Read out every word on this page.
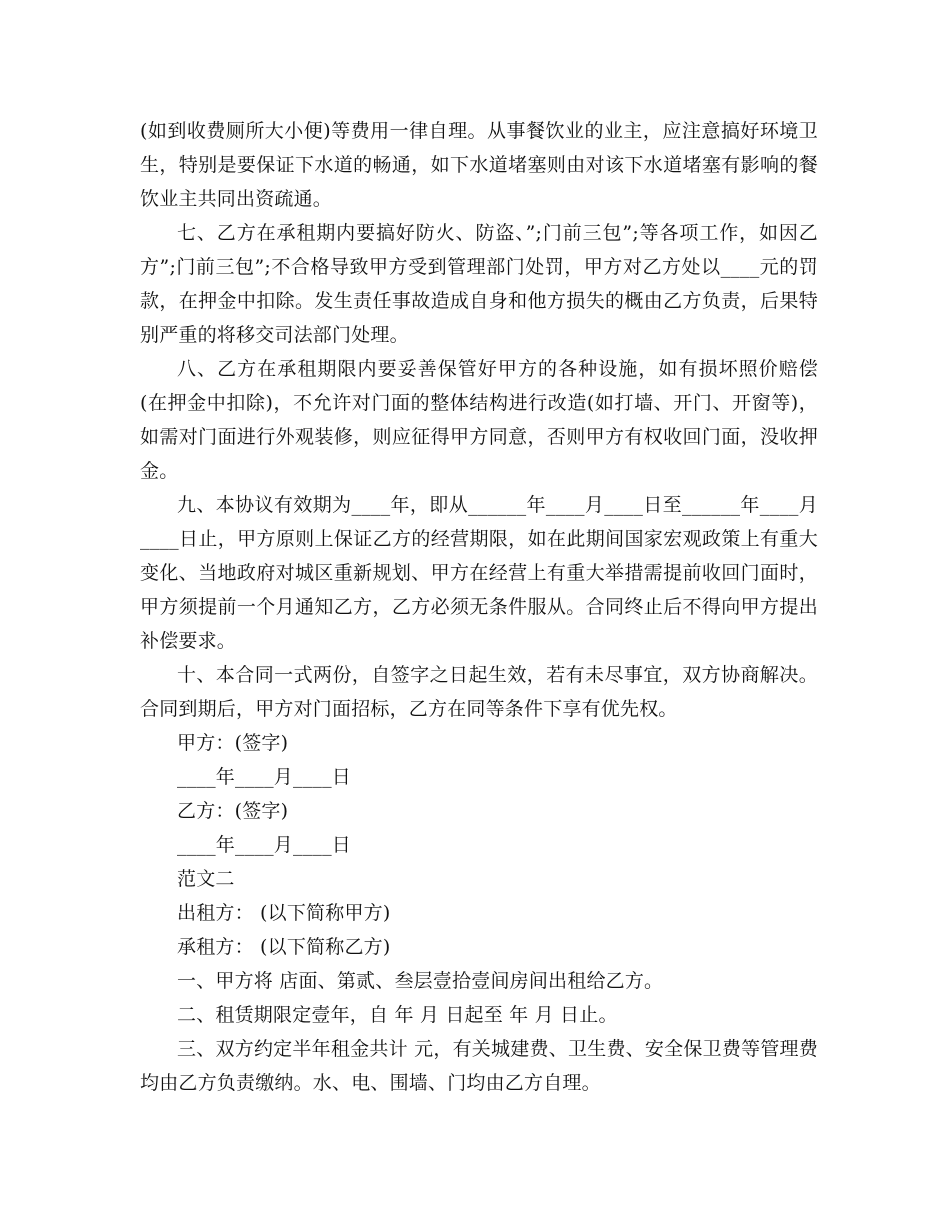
(如到收费厕所大小便)等费用一律自理。从事餐饮业的业主，应注意搞好环境卫生，特别是要保证下水道的畅通，如下水道堵塞则由对该下水道堵塞有影响的餐饮业主共同出资疏通。

七、乙方在承租期内要搞好防火、防盗、”;门前三包”;等各项工作，如因乙方”;门前三包”;不合格导致甲方受到管理部门处罚，甲方对乙方处以____元的罚款，在押金中扣除。发生责任事故造成自身和他方损失的概由乙方负责，后果特别严重的将移交司法部门处理。

八、乙方在承租期限内要妥善保管好甲方的各种设施，如有损坏照价赔偿(在押金中扣除)，不允许对门面的整体结构进行改造(如打墙、开门、开窗等)，如需对门面进行外观装修，则应征得甲方同意，否则甲方有权收回门面，没收押金。

九、本协议有效期为____年，即从______年____月____日至______年____月____日止，甲方原则上保证乙方的经营期限，如在此期间国家宏观政策上有重大变化、当地政府对城区重新规划、甲方在经营上有重大举措需提前收回门面时，甲方须提前一个月通知乙方，乙方必须无条件服从。合同终止后不得向甲方提出补偿要求。

十、本合同一式两份，自签字之日起生效，若有未尽事宜，双方协商解决。合同到期后，甲方对门面招标，乙方在同等条件下享有优先权。

甲方：(签字)

____年____月____日

乙方：(签字)

____年____月____日

范文二

出租方： (以下简称甲方)

承租方： (以下简称乙方)

一、甲方将 店面、第贰、叁层壹拾壹间房间出租给乙方。

二、租赁期限定壹年，自 年 月 日起至 年 月 日止。

三、双方约定半年租金共计 元，有关城建费、卫生费、安全保卫费等管理费均由乙方负责缴纳。水、电、围墙、门均由乙方自理。
